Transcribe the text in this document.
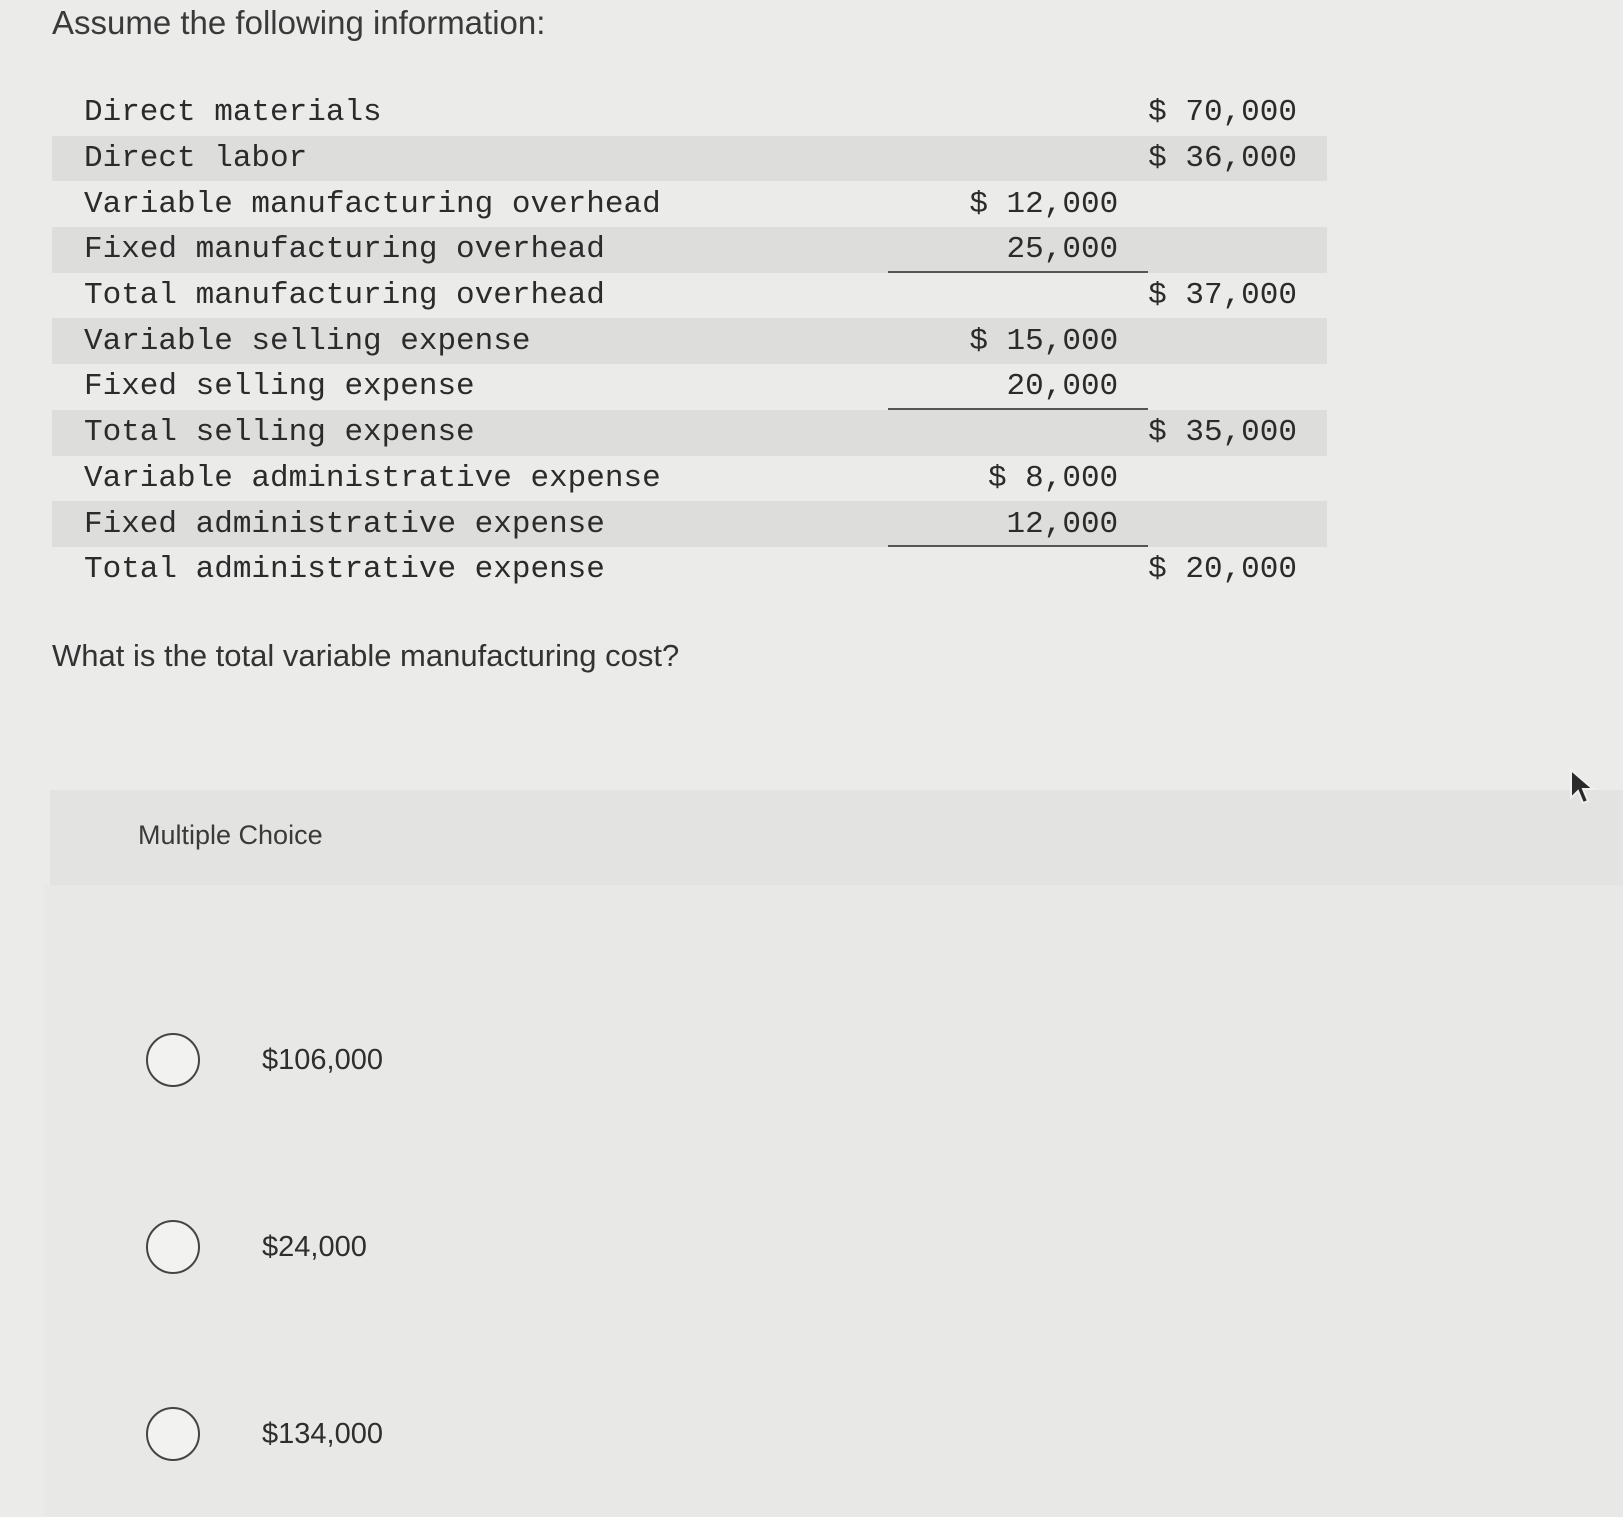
Assume the following information:
Direct materials		$ 70,000
Direct labor		$ 36,000
Variable manufacturing overhead	$ 12,000	
Fixed manufacturing overhead	25,000	
Total manufacturing overhead		$ 37,000
Variable selling expense	$ 15,000	
Fixed selling expense	20,000	
Total selling expense		$ 35,000
Variable administrative expense	$ 8,000	
Fixed administrative expense	12,000	
Total administrative expense		$ 20,000

What is the total variable manufacturing cost?

Multiple Choice
$106,000
$24,000
$134,000
